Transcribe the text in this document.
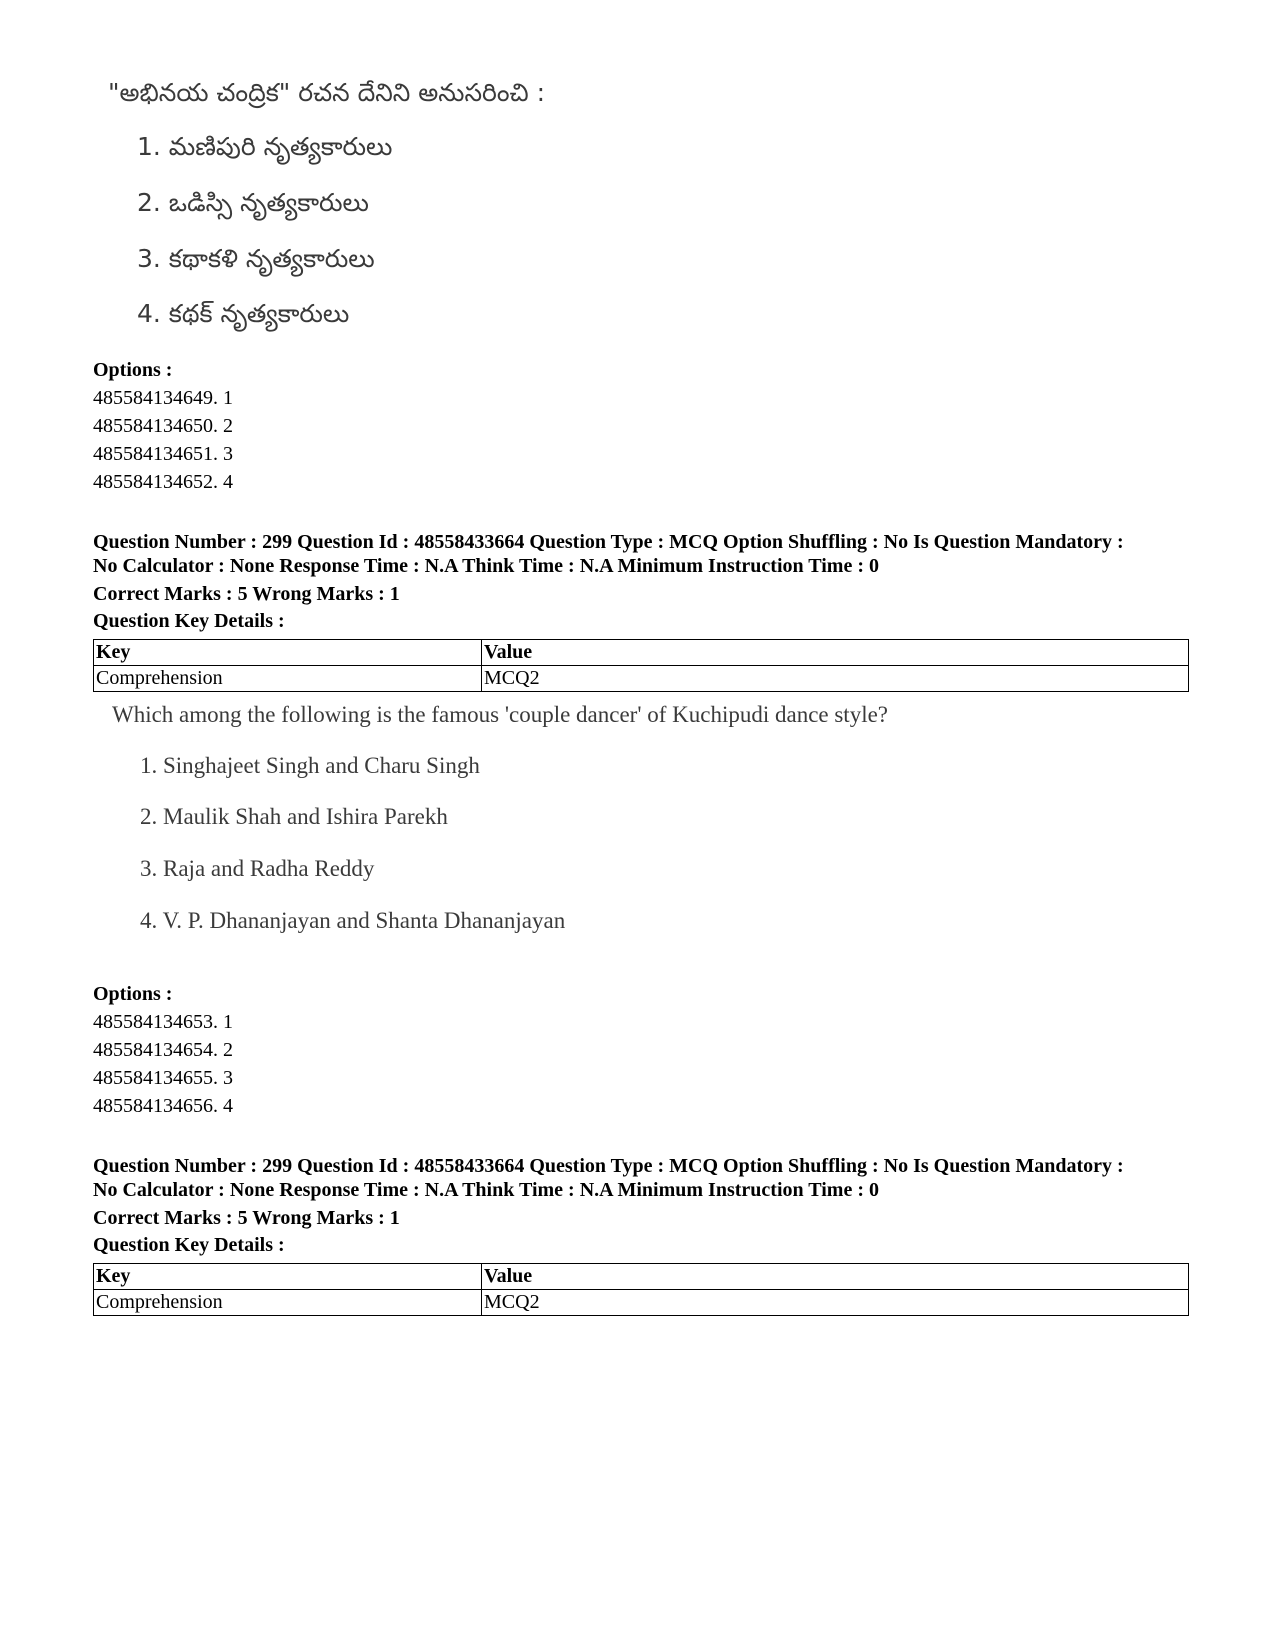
"అభినయ చంద్రిక" రచన దేనిని అనుసరించి :
1. మణిపురి నృత్యకారులు
2. ఒడిస్సి నృత్యకారులు
3. కథాకళి నృత్యకారులు
4. కథక్ నృత్యకారులు
Options :
485584134649. 1
485584134650. 2
485584134651. 3
485584134652. 4
Question Number : 299 Question Id : 48558433664 Question Type : MCQ Option Shuffling : No Is Question Mandatory :
No Calculator : None Response Time : N.A Think Time : N.A Minimum Instruction Time : 0
Correct Marks : 5 Wrong Marks : 1
Question Key Details :
Key	Value
Comprehension	MCQ2
Which among the following is the famous 'couple dancer' of Kuchipudi dance style?
1. Singhajeet Singh and Charu Singh
2. Maulik Shah and Ishira Parekh
3. Raja and Radha Reddy
4. V. P. Dhananjayan and Shanta Dhananjayan
Options :
485584134653. 1
485584134654. 2
485584134655. 3
485584134656. 4
Question Number : 299 Question Id : 48558433664 Question Type : MCQ Option Shuffling : No Is Question Mandatory :
No Calculator : None Response Time : N.A Think Time : N.A Minimum Instruction Time : 0
Correct Marks : 5 Wrong Marks : 1
Question Key Details :
Key	Value
Comprehension	MCQ2
